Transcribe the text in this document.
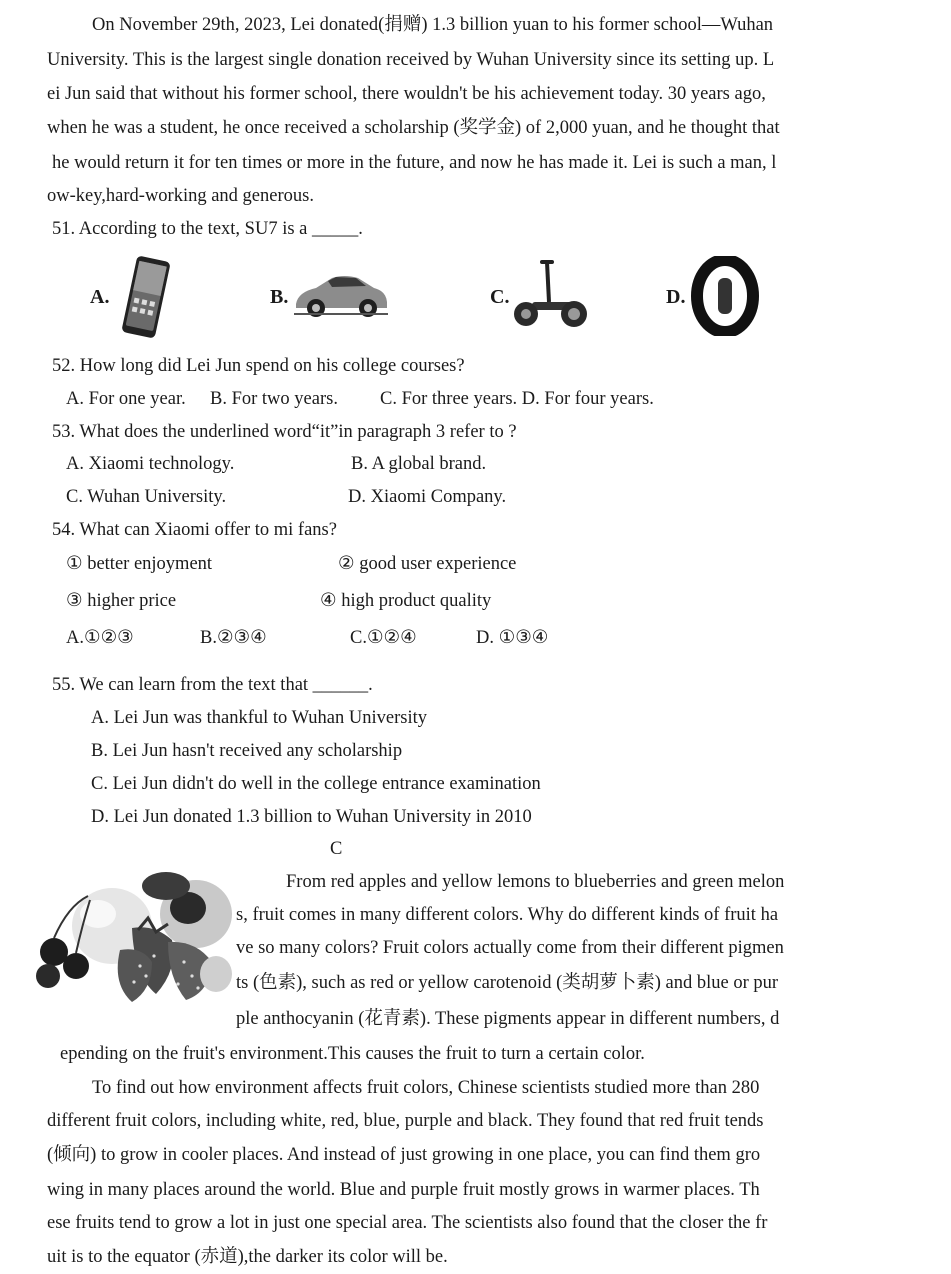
On November 29th, 2023, Lei donated(捐赠) 1.3 billion yuan to his former school—Wuhan
University. This is the largest single donation received by Wuhan University since its setting up. L
ei Jun said that without his former school, there wouldn't be his achievement today. 30 years ago,
when he was a student, he once received a scholarship (奖学金) of 2,000 yuan, and he thought that
he would return it for ten times or more in the future, and now he has made it. Lei is such a man, l
ow-key,hard-working and generous.
51. According to the text, SU7 is a _____.
A.	B.	C.	D.
52. How long did Lei Jun spend on his college courses?
A. For one year. B. For two years. C. For three years. D. For four years.
53. What does the underlined word“it”in paragraph 3 refer to ?
A. Xiaomi technology.	B. A global brand.
C. Wuhan University.	D. Xiaomi Company.
54. What can Xiaomi offer to mi fans?
① better enjoyment	② good user experience
③ higher price	④ high product quality
A.①②③	B.②③④	C.①②④	D. ①③④
55. We can learn from the text that ______.
A. Lei Jun was thankful to Wuhan University
B. Lei Jun hasn't received any scholarship
C. Lei Jun didn't do well in the college entrance examination
D. Lei Jun donated 1.3 billion to Wuhan University in 2010
C
From red apples and yellow lemons to blueberries and green melon
s, fruit comes in many different colors. Why do different kinds of fruit ha
ve so many colors? Fruit colors actually come from their different pigmen
ts (色素), such as red or yellow carotenoid (类胡萝卜素) and blue or pur
ple anthocyanin (花青素). These pigments appear in different numbers, d
epending on the fruit's environment.This causes the fruit to turn a certain color.
To find out how environment affects fruit colors, Chinese scientists studied more than 280
different fruit colors, including white, red, blue, purple and black. They found that red fruit tends
(倾向) to grow in cooler places. And instead of just growing in one place, you can find them gro
wing in many places around the world. Blue and purple fruit mostly grows in warmer places. Th
ese fruits tend to grow a lot in just one special area. The scientists also found that the closer the fr
uit is to the equator (赤道),the darker its color will be.
